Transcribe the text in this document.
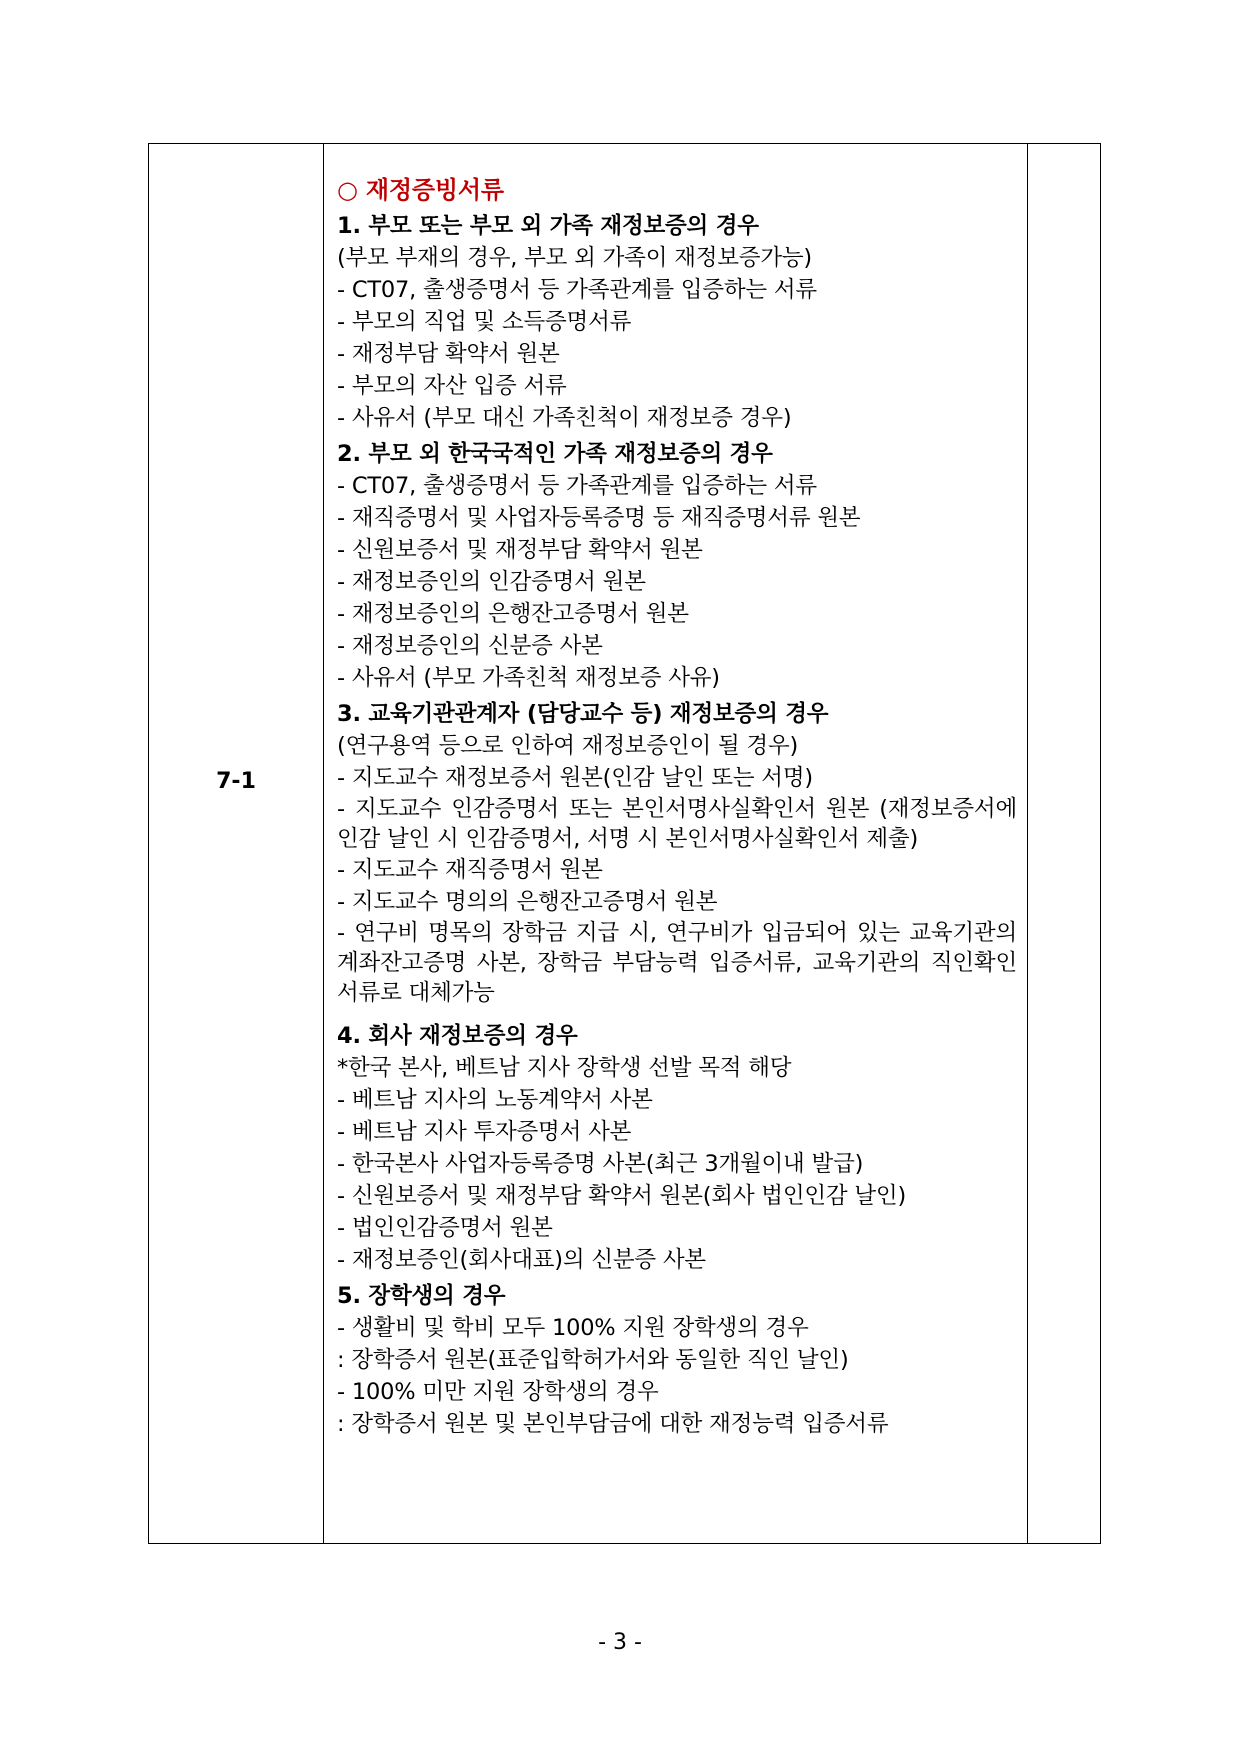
7-1
○ 재정증빙서류
1. 부모 또는 부모 외 가족 재정보증의 경우
(부모 부재의 경우, 부모 외 가족이 재정보증가능)
- CT07, 출생증명서 등 가족관계를 입증하는 서류
- 부모의 직업 및 소득증명서류
- 재정부담 확약서 원본
- 부모의 자산 입증 서류
- 사유서 (부모 대신 가족친척이 재정보증 경우)
2. 부모 외 한국국적인 가족 재정보증의 경우
- CT07, 출생증명서 등 가족관계를 입증하는 서류
- 재직증명서 및 사업자등록증명 등 재직증명서류 원본
- 신원보증서 및 재정부담 확약서 원본
- 재정보증인의 인감증명서 원본
- 재정보증인의 은행잔고증명서 원본
- 재정보증인의 신분증 사본
- 사유서 (부모 가족친척 재정보증 사유)
3. 교육기관관계자 (담당교수 등) 재정보증의 경우
(연구용역 등으로 인하여 재정보증인이 될 경우)
- 지도교수 재정보증서 원본(인감 날인 또는 서명)
- 지도교수 인감증명서 또는 본인서명사실확인서 원본 (재정보증서에 인감 날인 시 인감증명서, 서명 시 본인서명사실확인서 제출)
- 지도교수 재직증명서 원본
- 지도교수 명의의 은행잔고증명서 원본
- 연구비 명목의 장학금 지급 시, 연구비가 입금되어 있는 교육기관의 계좌잔고증명 사본, 장학금 부담능력 입증서류, 교육기관의 직인확인서류로 대체가능
4. 회사 재정보증의 경우
*한국 본사, 베트남 지사 장학생 선발 목적 해당
- 베트남 지사의 노동계약서 사본
- 베트남 지사 투자증명서 사본
- 한국본사 사업자등록증명 사본(최근 3개월이내 발급)
- 신원보증서 및 재정부담 확약서 원본(회사 법인인감 날인)
- 법인인감증명서 원본
- 재정보증인(회사대표)의 신분증 사본
5. 장학생의 경우
- 생활비 및 학비 모두 100% 지원 장학생의 경우
: 장학증서 원본(표준입학허가서와 동일한 직인 날인)
- 100% 미만 지원 장학생의 경우
: 장학증서 원본 및 본인부담금에 대한 재정능력 입증서류
- 3 -
